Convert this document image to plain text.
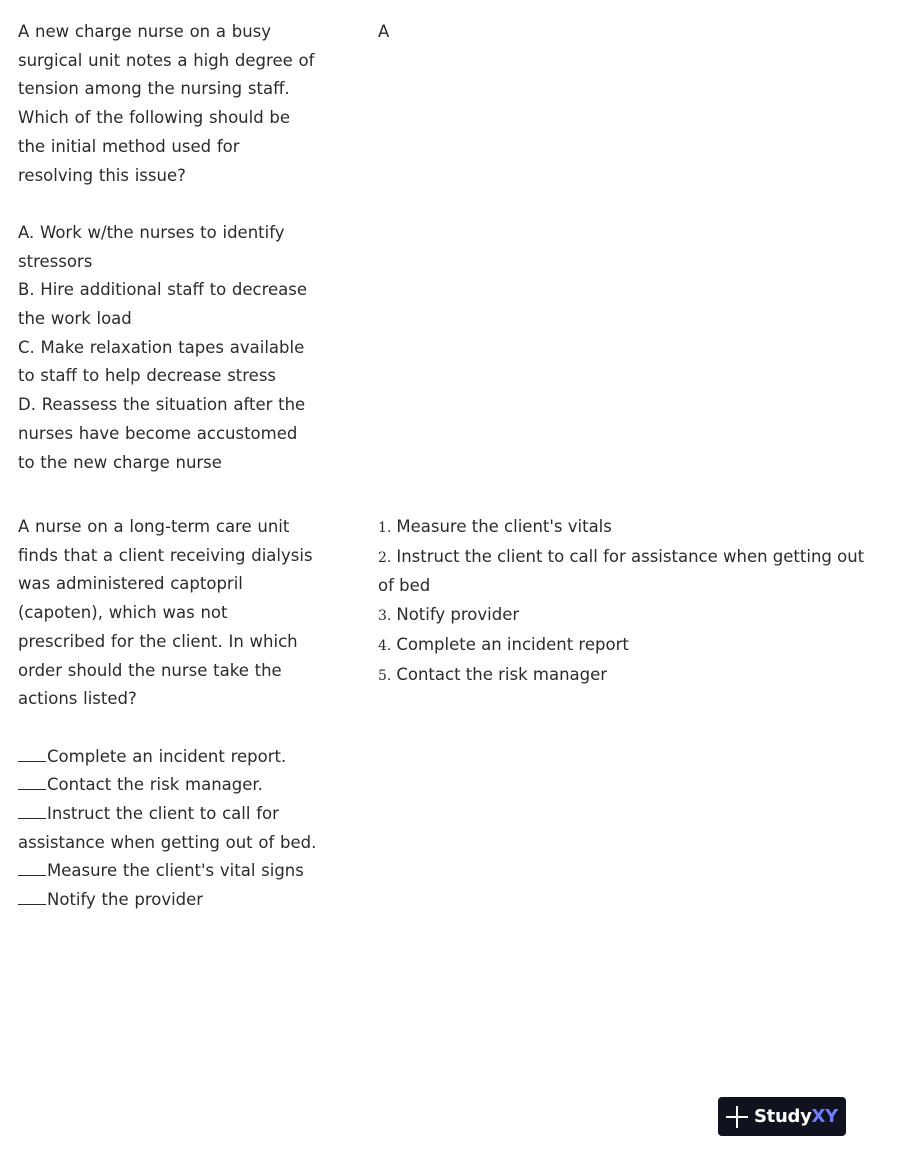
A new charge nurse on a busy
surgical unit notes a high degree of
tension among the nursing staff.
Which of the following should be
the initial method used for
resolving this issue?
A. Work w/the nurses to identify
stressors
B. Hire additional staff to decrease
the work load
C. Make relaxation tapes available
to staff to help decrease stress
D. Reassess the situation after the
nurses have become accustomed
to the new charge nurse
A
A nurse on a long-term care unit
finds that a client receiving dialysis
was administered captopril
(capoten), which was not
prescribed for the client. In which
order should the nurse take the
actions listed?
Complete an incident report.
Contact the risk manager.
Instruct the client to call for
assistance when getting out of bed.
Measure the client's vital signs
Notify the provider
1. Measure the client's vitals
2. Instruct the client to call for assistance when getting out
of bed
3. Notify provider
4. Complete an incident report
5. Contact the risk manager
StudyXY
